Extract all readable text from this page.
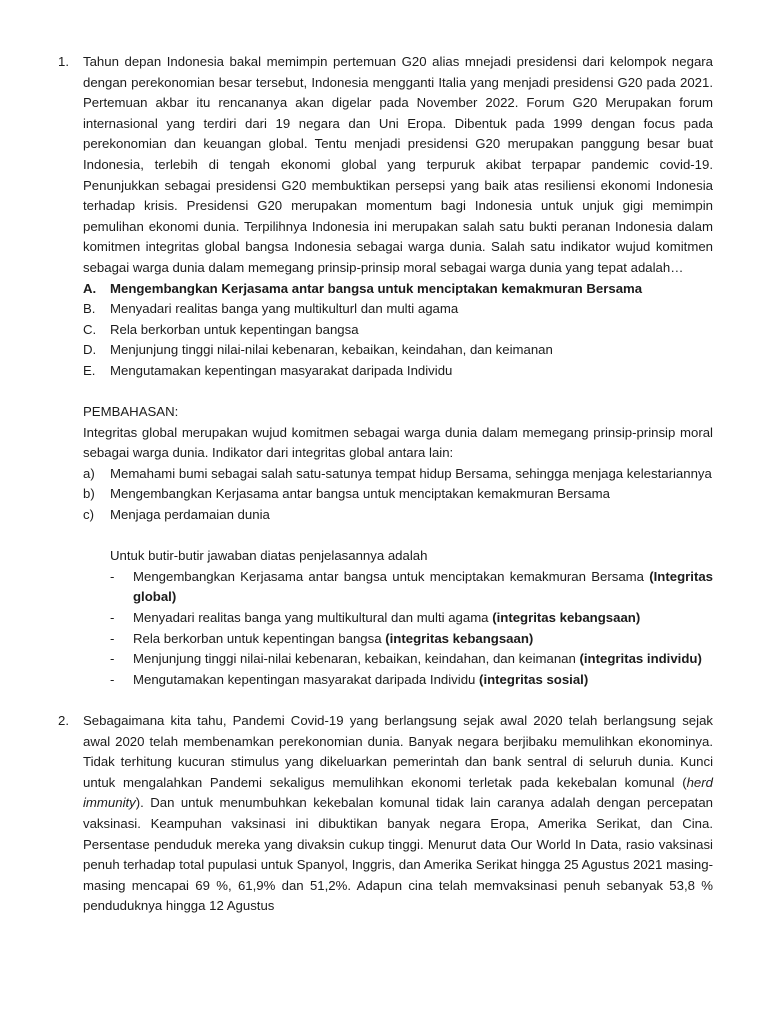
1. Tahun depan Indonesia bakal memimpin pertemuan G20 alias mnejadi presidensi dari kelompok negara dengan perekonomian besar tersebut, Indonesia mengganti Italia yang menjadi presidensi G20 pada 2021. Pertemuan akbar itu rencananya akan digelar pada November 2022. Forum G20 Merupakan forum internasional yang terdiri dari 19 negara dan Uni Eropa. Dibentuk pada 1999 dengan focus pada perekonomian dan keuangan global. Tentu menjadi presidensi G20 merupakan panggung besar buat Indonesia, terlebih di tengah ekonomi global yang terpuruk akibat terpapar pandemic covid-19. Penunjukkan sebagai presidensi G20 membuktikan persepsi yang baik atas resiliensi ekonomi Indonesia terhadap krisis. Presidensi G20 merupakan momentum bagi Indonesia untuk unjuk gigi memimpin pemulihan ekonomi dunia. Terpilihnya Indonesia ini merupakan salah satu bukti peranan Indonesia dalam komitmen integritas global bangsa Indonesia sebagai warga dunia. Salah satu indikator wujud komitmen sebagai warga dunia dalam memegang prinsip-prinsip moral sebagai warga dunia yang tepat adalah…
A. Mengembangkan Kerjasama antar bangsa untuk menciptakan kemakmuran Bersama
B. Menyadari realitas banga yang multikulturl dan multi agama
C. Rela berkorban untuk kepentingan bangsa
D. Menjunjung tinggi nilai-nilai kebenaran, kebaikan, keindahan, dan keimanan
E. Mengutamakan kepentingan masyarakat daripada Individu
PEMBAHASAN:
Integritas global merupakan wujud komitmen sebagai warga dunia dalam memegang prinsip-prinsip moral sebagai warga dunia. Indikator dari integritas global antara lain:
a) Memahami bumi sebagai salah satu-satunya tempat hidup Bersama, sehingga menjaga kelestariannya
b) Mengembangkan Kerjasama antar bangsa untuk menciptakan kemakmuran Bersama
c) Menjaga perdamaian dunia
Untuk butir-butir jawaban diatas penjelasannya adalah
- Mengembangkan Kerjasama antar bangsa untuk menciptakan kemakmuran Bersama (Integritas global)
- Menyadari realitas banga yang multikultural dan multi agama (integritas kebangsaan)
- Rela berkorban untuk kepentingan bangsa (integritas kebangsaan)
- Menjunjung tinggi nilai-nilai kebenaran, kebaikan, keindahan, dan keimanan (integritas individu)
- Mengutamakan kepentingan masyarakat daripada Individu (integritas sosial)
2. Sebagaimana kita tahu, Pandemi Covid-19 yang berlangsung sejak awal 2020 telah berlangsung sejak awal 2020 telah membenamkan perekonomian dunia. Banyak negara berjibaku memulihkan ekonominya. Tidak terhitung kucuran stimulus yang dikeluarkan pemerintah dan bank sentral di seluruh dunia. Kunci untuk mengalahkan Pandemi sekaligus memulihkan ekonomi terletak pada kekebalan komunal (herd immunity). Dan untuk menumbuhkan kekebalan komunal tidak lain caranya adalah dengan percepatan vaksinasi. Keampuhan vaksinasi ini dibuktikan banyak negara Eropa, Amerika Serikat, dan Cina. Persentase penduduk mereka yang divaksin cukup tinggi. Menurut data Our World In Data, rasio vaksinasi penuh terhadap total pupulasi untuk Spanyol, Inggris, dan Amerika Serikat hingga 25 Agustus 2021 masing-masing mencapai 69 %, 61,9% dan 51,2%. Adapun cina telah memvaksinasi penuh sebanyak 53,8 % penduduknya hingga 12 Agustus
